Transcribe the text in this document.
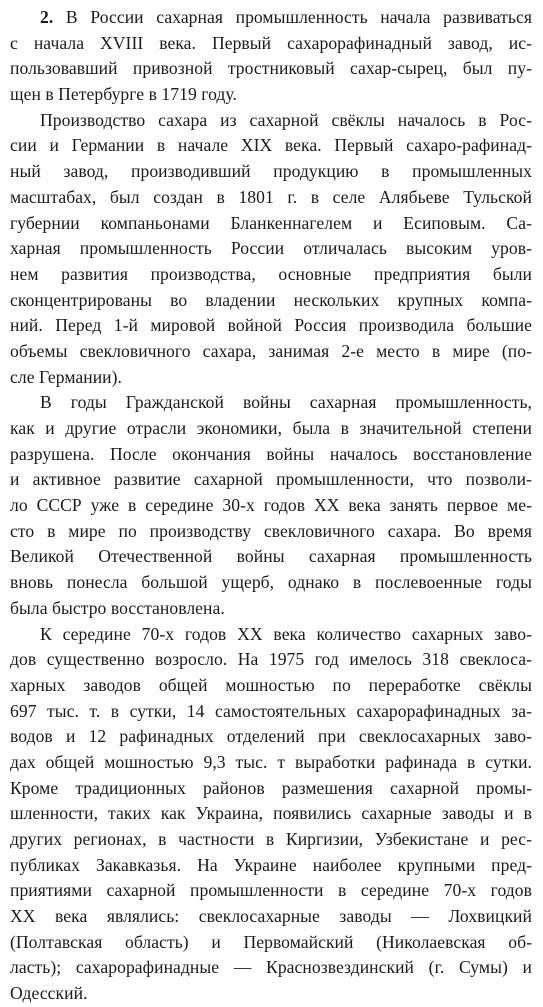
2. В России сахарная промышленность начала развиваться
с начала XVIII века. Первый сахарорафинадный завод, ис-
пользовавший привозной тростниковый сахар-сырец, был пу-
щен в Петербурге в 1719 году.
Производство сахара из сахарной свёклы началось в Рос-
сии и Германии в начале XIX века. Первый сахаро-рафинад-
ный завод, производивший продукцию в промышленных
масштабах, был создан в 1801 г. в селе Алябьеве Тульской
губернии компаньонами Бланкеннагелем и Есиповым. Са-
харная промышленность России отличалась высоким уров-
нем развития производства, основные предприятия были
сконцентрированы во владении нескольких крупных компа-
ний. Перед 1-й мировой войной Россия производила большие
объемы свекловичного сахара, занимая 2-е место в мире (по-
сле Германии).
В годы Гражданской войны сахарная промышленность,
как и другие отрасли экономики, была в значительной степени
разрушена. После окончания войны началось восстановление
и активное развитие сахарной промышленности, что позволи-
ло СССР уже в середине 30-х годов XX века занять первое ме-
сто в мире по производству свекловичного сахара. Во время
Великой Отечественной войны сахарная промышленность
вновь понесла большой ущерб, однако в послевоенные годы
была быстро восстановлена.
К середине 70-х годов XX века количество сахарных заво-
дов существенно возросло. На 1975 год имелось 318 свеклоса-
харных заводов общей мошностью по переработке свёклы
697 тыс. т. в сутки, 14 самостоятельных сахарорафинадных за-
водов и 12 рафинадных отделений при свеклосахарных заво-
дах общей мошностью 9,3 тыс. т выработки рафинада в сутки.
Кроме традиционных районов размешения сахарной промы-
шленности, таких как Украина, появились сахарные заводы и в
других регионах, в частности в Киргизии, Узбекистане и рес-
публиках Закавказья. На Украине наиболее крупными пред-
приятиями сахарной промышленности в середине 70-х годов
XX века являлись: свеклосахарные заводы — Лохвицкий
(Полтавская область) и Первомайский (Николаевская об-
ласть); сахарорафинадные — Краснозвездинский (г. Сумы) и
Одесский.
